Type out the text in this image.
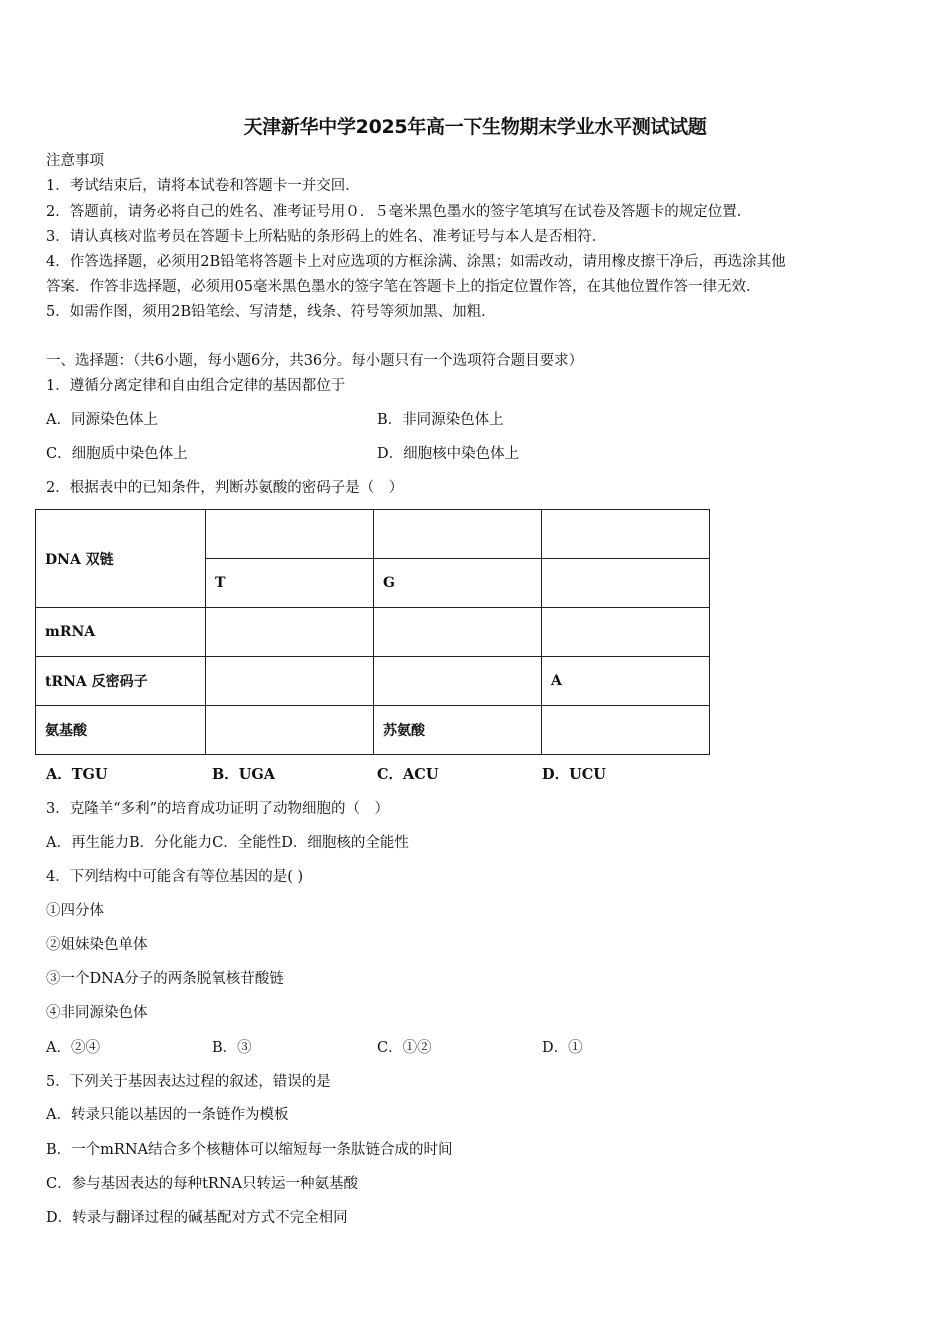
天津新华中学2025年高一下生物期末学业水平测试试题
注意事项
1．考试结束后，请将本试卷和答题卡一并交回．
2．答题前，请务必将自己的姓名、准考证号用０．５毫米黑色墨水的签字笔填写在试卷及答题卡的规定位置．
3．请认真核对监考员在答题卡上所粘贴的条形码上的姓名、准考证号与本人是否相符．
4．作答选择题，必须用2B铅笔将答题卡上对应选项的方框涂满、涂黑；如需改动，请用橡皮擦干净后，再选涂其他
答案．作答非选择题，必须用05毫米黑色墨水的签字笔在答题卡上的指定位置作答，在其他位置作答一律无效．
5．如需作图，须用2B铅笔绘、写清楚，线条、符号等须加黑、加粗．
一、选择题：（共6小题，每小题6分，共36分。每小题只有一个选项符合题目要求）
1．遵循分离定律和自由组合定律的基因都位于
A．同源染色体上	B．非同源染色体上
C．细胞质中染色体上	D．细胞核中染色体上
2．根据表中的已知条件，判断苏氨酸的密码子是（　）
DNA 双链			
	T	G	
mRNA			
tRNA 反密码子			A
氨基酸		苏氨酸	
A．TGU	B．UGA	C．ACU	D．UCU
3．克隆羊“多利”的培育成功证明了动物细胞的（　）
A．再生能力B．分化能力C．全能性D．细胞核的全能性
4．下列结构中可能含有等位基因的是( )
①四分体
②姐妹染色单体
③一个DNA分子的两条脱氧核苷酸链
④非同源染色体
A．②④	B．③	C．①②	D．①
5．下列关于基因表达过程的叙述，错误的是
A．转录只能以基因的一条链作为模板
B．一个mRNA结合多个核糖体可以缩短每一条肽链合成的时间
C．参与基因表达的每种tRNA只转运一种氨基酸
D．转录与翻译过程的碱基配对方式不完全相同
